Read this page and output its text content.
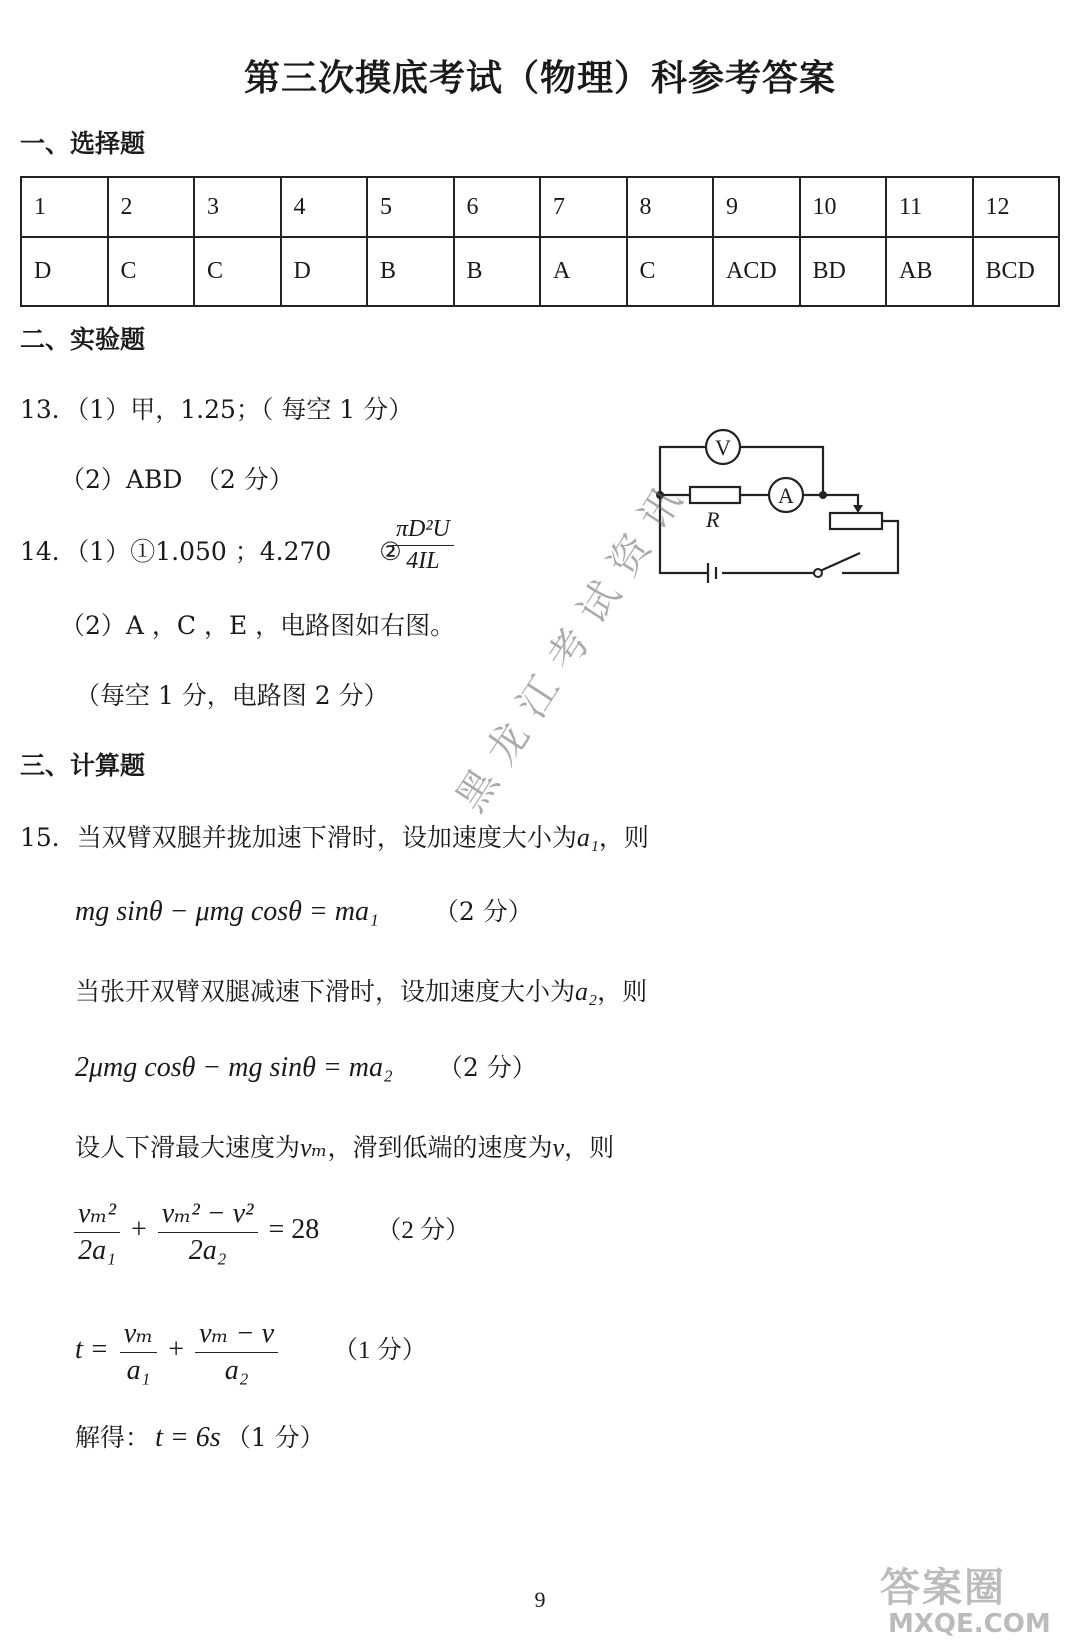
第三次摸底考试（物理）科参考答案
一、选择题
1	2	3	4	5	6	7	8	9	10	11	12
D	C	C	D	B	B	A	C	ACD	BD	AB	BCD
二、实验题
13．（1）甲，1.25；（ 每空 1 分）
（2）ABD　（2 分）
14．（1）①1.050 ；4.270 ②
$\frac{\text{πD²U}}{4IL}$
（2）A ，C ，E ，电路图如右图。
（每空 1 分，电路图 2 分）
V
A
R
三、计算题
15．当双臂双腿并拢加速下滑时，设加速度大小为a₁，则
mg sinθ − μmg cosθ = ma₁ （2 分）
当张开双臂双腿减速下滑时，设加速度大小为a₂，则
2μmg cosθ − mg sinθ = ma₂ （2 分）
设人下滑最大速度为vₘ，滑到低端的速度为v，则
$\frac{\text{vₘ²}}{\text{2a₁}} + \frac{\text{vₘ² − v²}}{\text{2a₂}} = 28$ （2 分）
$t = \frac{\text{vₘ}}{\text{a₁}} + \frac{\text{vₘ − v}}{\text{a₂}} (1$ 分）
解得： t = 6s （1 分）
黑龙江考试资讯
9	答案圈
MXQE.COM
